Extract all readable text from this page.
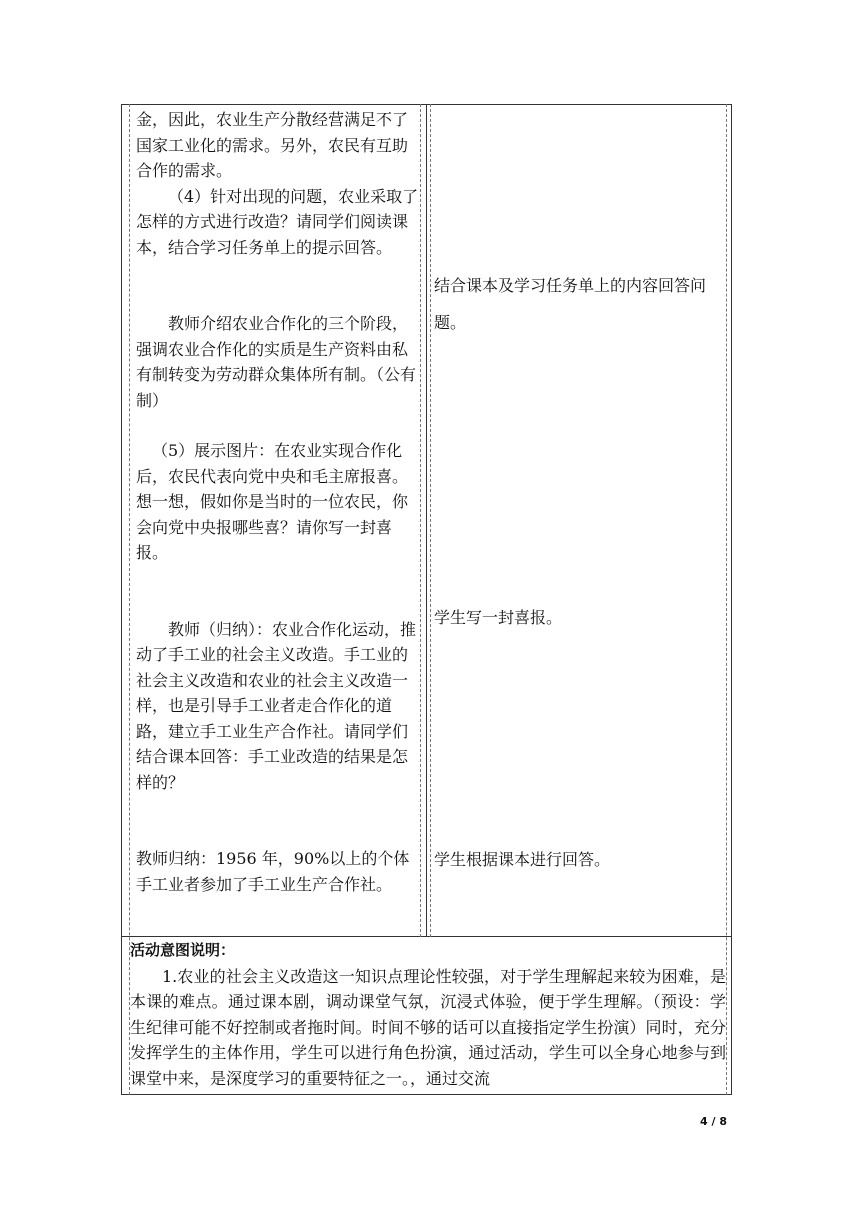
金，因此，农业生产分散经营满足不了国家工业化的需求。另外，农民有互助合作的需求。

（4）针对出现的问题，农业采取了怎样的方式进行改造？请同学们阅读课本，结合学习任务单上的提示回答。

教师介绍农业合作化的三个阶段，强调农业合作化的实质是生产资料由私有制转变为劳动群众集体所有制。（公有制）

（5）展示图片：在农业实现合作化后，农民代表向党中央和毛主席报喜。想一想，假如你是当时的一位农民，你会向党中央报哪些喜？请你写一封喜报。

教师（归纳）：农业合作化运动，推动了手工业的社会主义改造。手工业的社会主义改造和农业的社会主义改造一样，也是引导手工业者走合作化的道路，建立手工业生产合作社。请同学们结合课本回答：手工业改造的结果是怎样的？

教师归纳：1956 年，90%以上的个体手工业者参加了手工业生产合作社。

结合课本及学习任务单上的内容回答问题。
学生写一封喜报。
学生根据课本进行回答。
活动意图说明：

1.农业的社会主义改造这一知识点理论性较强，对于学生理解起来较为困难，是本课的难点。通过课本剧，调动课堂气氛，沉浸式体验，便于学生理解。（预设：学生纪律可能不好控制或者拖时间。时间不够的话可以直接指定学生扮演）同时，充分发挥学生的主体作用，学生可以进行角色扮演，通过活动，学生可以全身心地参与到课堂中来，是深度学习的重要特征之一。，通过交流

4 / 8
